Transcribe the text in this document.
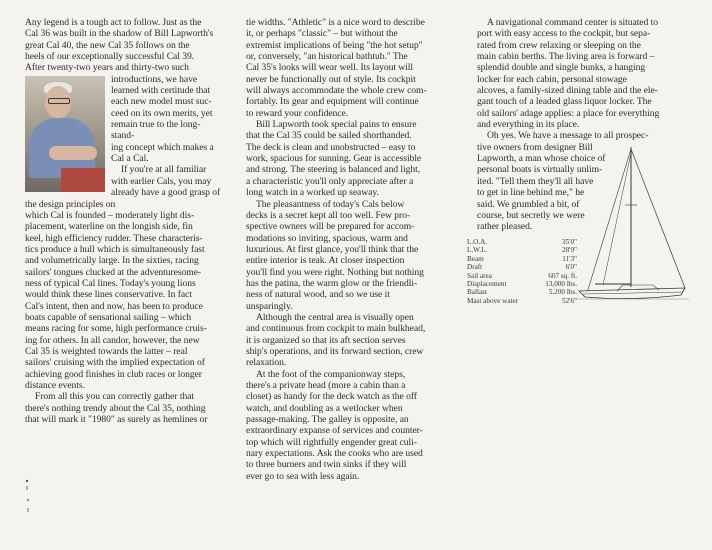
Any legend is a tough act to follow. Just as the
Cal 36 was built in the shadow of Bill Lapworth's
great Cal 40, the new Cal 35 follows on the
heels of our exceptionally successful Cal 39.
After twenty-two years and thirty-two such

introductions, we have
learned with certitude that
each new model must suc-
ceed on its own merits, yet
remain true to the long-stand-
ing concept which makes a
Cal a Cal.

If you're at all familiar
with earlier Cals, you may
already have a good grasp of
the design principles on

which Cal is founded – moderately light dis-
placement, waterline on the longish side, fin
keel, high efficiency rudder. These characteris-
tics produce a hull which is simultaneously fast
and volumetrically large. In the sixties, racing
sailors' tongues clucked at the adventuresome-
ness of typical Cal lines. Today's young lions
would think these lines conservative. In fact
Cal's intent, then and now, has been to produce
boats capable of sensational sailing – which
means racing for some, high performance cruis-
ing for others. In all candor, however, the new
Cal 35 is weighted towards the latter – real
sailors' cruising with the implied expectation of
achieving good finishes in club races or longer
distance events.

From all this you can correctly gather that
there's nothing trendy about the Cal 35, nothing
that will mark it "1980" as surely as hemlines or

tie widths. "Athletic" is a nice word to describe
it, or perhaps "classic" – but without the
extremist implications of being "the hot setup"
or, conversely, "an historical bathtub." The
Cal 35's looks will wear well. Its layout will
never be functionally out of style. Its cockpit
will always accommodate the whole crew com-
fortably. Its gear and equipment will continue
to reward your confidence.

Bill Lapworth took special pains to ensure
that the Cal 35 could be sailed shorthanded.
The deck is clean and unobstructed – easy to
work, spacious for sunning. Gear is accessible
and strong. The steering is balanced and light,
a characteristic you'll only appreciate after a
long watch in a worked up seaway.

The pleasantness of today's Cals below
decks is a secret kept all too well. Few pro-
spective owners will be prepared for accom-
modations so inviting, spacious, warm and
luxurious. At first glance, you'll think that the
entire interior is teak. At closer inspection
you'll find you were right. Nothing but nothing
has the patina, the warm glow or the friendli-
ness of natural wood, and so we use it
unsparingly.

Although the central area is visually open
and continuous from cockpit to main bulkhead,
it is organized so that its aft section serves
ship's operations, and its forward section, crew
relaxation.

At the foot of the companionway steps,
there's a private head (more a cabin than a
closet) as handy for the deck watch as the off
watch, and doubling as a wetlocker when
passage-making. The galley is opposite, an
extraordinary expanse of services and counter-
top which will rightfully engender great culi-
nary expectations. Ask the cooks who are used
to three burners and twin sinks if they will
ever go to sea with less again.

A navigational command center is situated to
port with easy access to the cockpit, but sepa-
rated from crew relaxing or sleeping on the
main cabin berths. The living area is forward –
splendid double and single bunks, a hanging
locker for each cabin, personal stowage
alcoves, a family-sized dining table and the ele-
gant touch of a leaded glass liquor locker. The
old sailors' adage applies: a place for everything
and everything in its place.

Oh yes. We have a message to all prospec-
tive owners from designer Bill
Lapworth, a man whose choice of
personal boats is virtually unlim-
ited. "Tell them they'll all have
to get in line behind me," he
said. We grumbled a bit, of
course, but secretly we were
rather pleased.

L.O.A.	35'0"
L.W.L.	28'9"
Beam	11'3"
Draft	6'0"
Sail area	607 sq. ft.
Displacement	13,000 lbs.
Ballast	5,200 lbs.
Mast above water	52'6"
